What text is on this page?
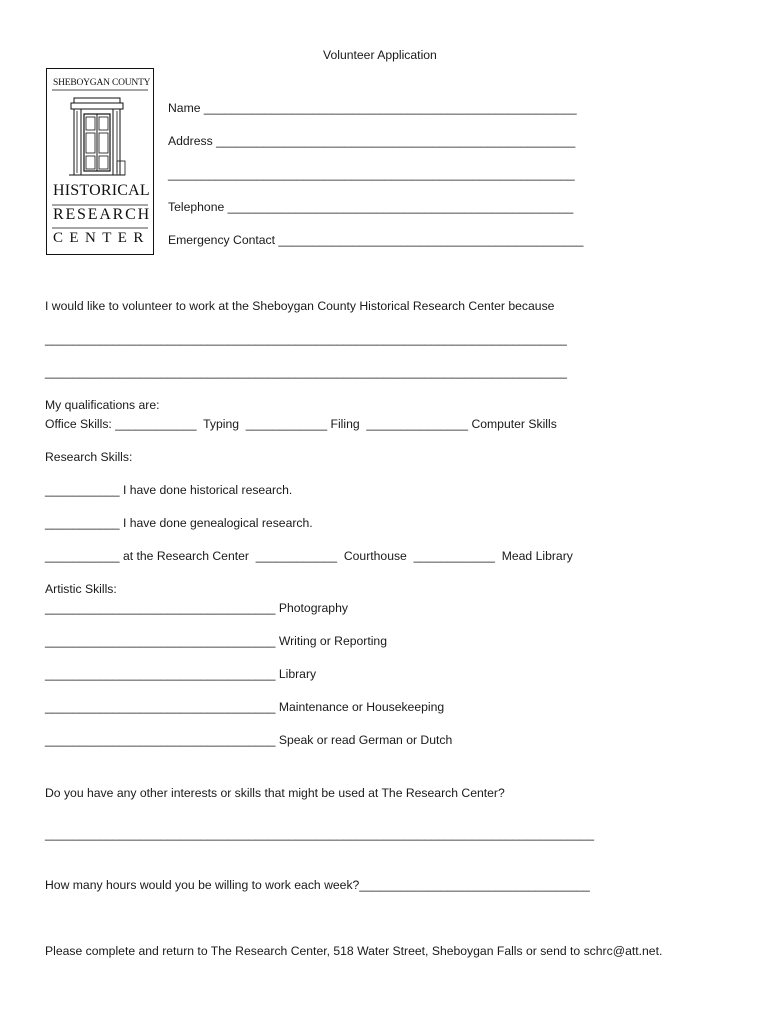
Volunteer Application
SHEBOYGAN COUNTY
HISTORICAL
RESEARCH
CENTER
Name _______________________________________________________
Address _____________________________________________________
____________________________________________________________
Telephone ___________________________________________________
Emergency Contact _____________________________________________
I would like to volunteer to work at the Sheboygan County Historical Research Center because
_____________________________________________________________________________
_____________________________________________________________________________
My qualifications are:
Office Skills: ____________  Typing  ____________ Filing  _______________ Computer Skills
Research Skills:
___________ I have done historical research.
___________ I have done genealogical research.
___________ at the Research Center  ____________  Courthouse  ____________  Mead Library
Artistic Skills:
__________________________________ Photography
__________________________________ Writing or Reporting
__________________________________ Library
__________________________________ Maintenance or Housekeeping
__________________________________ Speak or read German or Dutch
Do you have any other interests or skills that might be used at The Research Center?
_________________________________________________________________________________
How many hours would you be willing to work each week?__________________________________
Please complete and return to The Research Center, 518 Water Street, Sheboygan Falls or send to schrc@att.net.
